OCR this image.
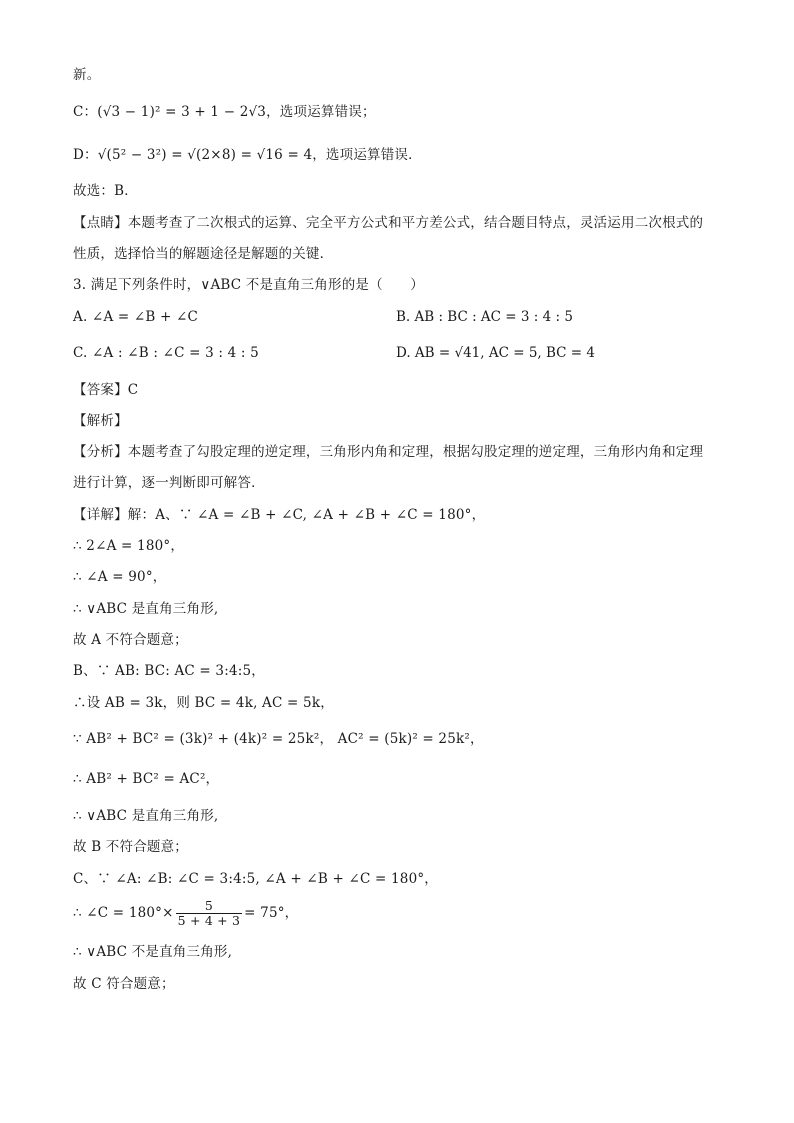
新。
C：(√3 − 1)² = 3 + 1 − 2√3，选项运算错误；
D：√(5² − 3²) = √(2×8) = √16 = 4，选项运算错误．
故选：B．
【点睛】本题考查了二次根式的运算、完全平方公式和平方差公式，结合题目特点，灵活运用二次根式的
性质，选择恰当的解题途径是解题的关键．
3. 满足下列条件时，∨ABC 不是直角三角形的是（　　）
A. ∠A = ∠B + ∠C	B. AB : BC : AC = 3 : 4 : 5
C. ∠A : ∠B : ∠C = 3 : 4 : 5	D. AB = √41, AC = 5, BC = 4
【答案】C
【解析】
【分析】本题考查了勾股定理的逆定理，三角形内角和定理，根据勾股定理的逆定理，三角形内角和定理
进行计算，逐一判断即可解答．
【详解】解：A、∵ ∠A = ∠B + ∠C, ∠A + ∠B + ∠C = 180°，
∴ 2∠A = 180°，
∴ ∠A = 90°，
∴ ∨ABC 是直角三角形,
故 A 不符合题意；
B、∵ AB: BC: AC = 3:4:5，
∴设 AB = 3k，则 BC = 4k, AC = 5k，
∵ AB² + BC² = (3k)² + (4k)² = 25k²， AC² = (5k)² = 25k²，
∴ AB² + BC² = AC²，
∴ ∨ABC 是直角三角形,
故 B 不符合题意；
C、∵ ∠A: ∠B: ∠C = 3:4:5, ∠A + ∠B + ∠C = 180°，
∴ ∠C = $180^\circ\times \frac{5}{5 + 4 + 3} = 75^\circ$，
∴ ∨ABC 不是直角三角形,
故 C 符合题意；
